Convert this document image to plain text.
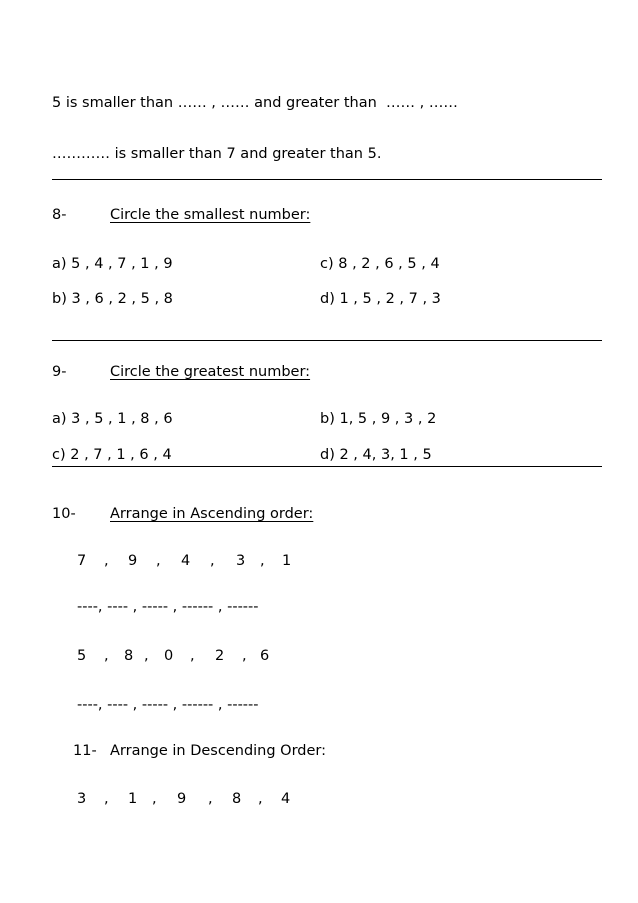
5 is smaller than …… , …… and greater than  …… , ……
………… is smaller than 7 and greater than 5.
8-	Circle the smallest number:
a) 5 , 4 , 7 , 1 , 9	c) 8 , 2 , 6 , 5 , 4
b) 3 , 6 , 2 , 5 , 8	d) 1 , 5 , 2 , 7 , 3
9-	Circle the greatest number:
a) 3 , 5 , 1 , 8 , 6	b) 1, 5 , 9 , 3 , 2
c) 2 , 7 , 1 , 6 , 4	d) 2 , 4, 3, 1 , 5
10- Arrange in Ascending order:
7 , 9 , 4 , 3 , 1
----, ---- , ----- , ------ , ------
5 , 8 , 0 , 2 , 6
----, ---- , ----- , ------ , ------
11- Arrange in Descending Order:
3 , 1 , 9 , 8 , 4
